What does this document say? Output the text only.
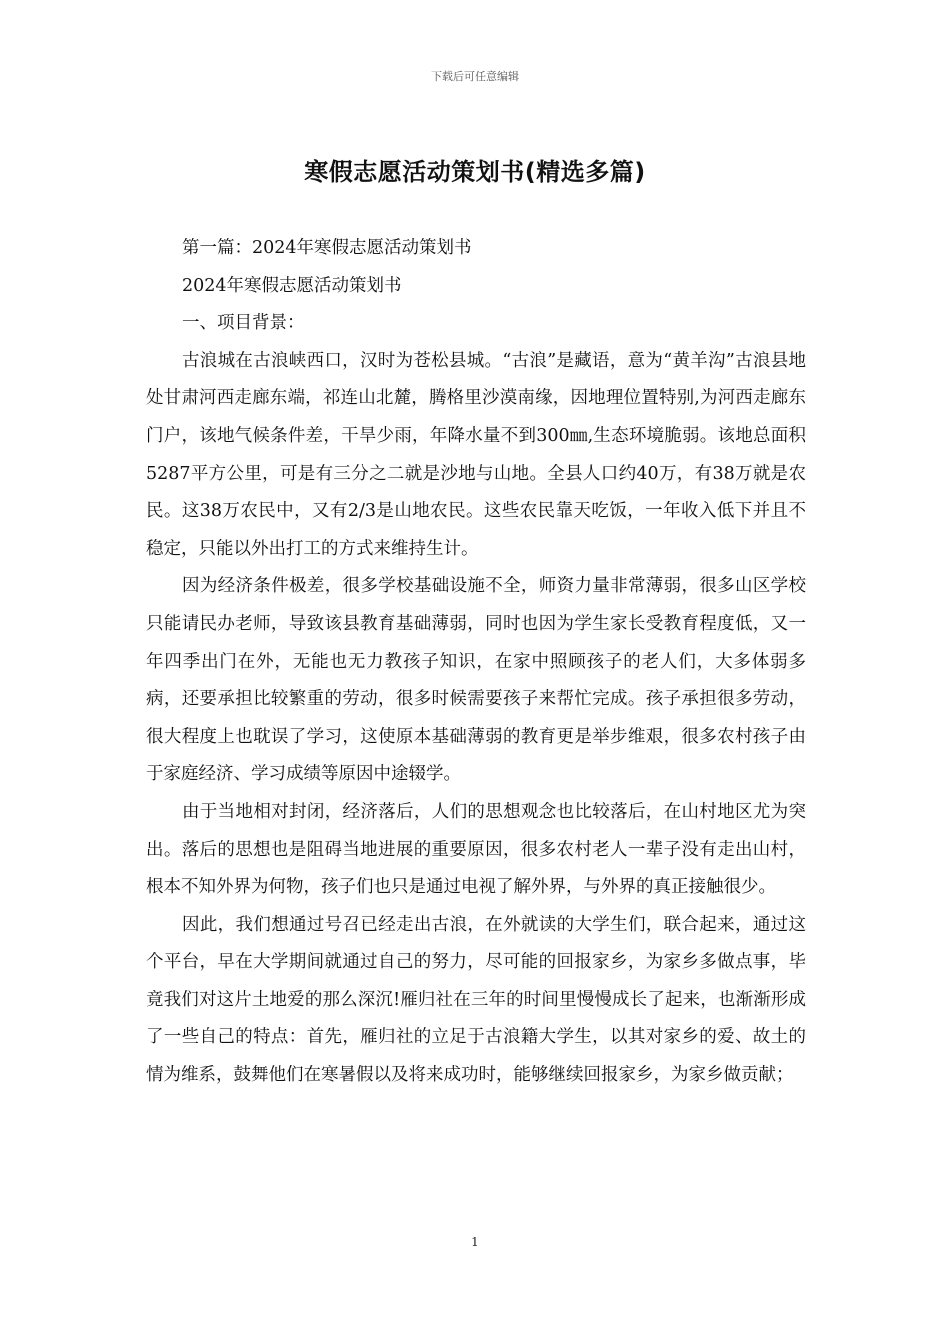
下载后可任意编辑
寒假志愿活动策划书(精选多篇)
第一篇：2024年寒假志愿活动策划书
2024年寒假志愿活动策划书
一、项目背景：

古浪城在古浪峡西口，汉时为苍松县城。“古浪”是藏语，意为“黄羊沟”古浪县地处甘肃河西走廊东端，祁连山北麓，腾格里沙漠南缘，因地理位置特别,为河西走廊东门户，该地气候条件差，干旱少雨，年降水量不到300㎜,生态环境脆弱。该地总面积5287平方公里，可是有三分之二就是沙地与山地。全县人口约40万，有38万就是农民。这38万农民中，又有2/3是山地农民。这些农民靠天吃饭，一年收入低下并且不稳定，只能以外出打工的方式来维持生计。

因为经济条件极差，很多学校基础设施不全，师资力量非常薄弱，很多山区学校只能请民办老师，导致该县教育基础薄弱，同时也因为学生家长受教育程度低，又一年四季出门在外，无能也无力教孩子知识，在家中照顾孩子的老人们，大多体弱多病，还要承担比较繁重的劳动，很多时候需要孩子来帮忙完成。孩子承担很多劳动，很大程度上也耽误了学习，这使原本基础薄弱的教育更是举步维艰，很多农村孩子由于家庭经济、学习成绩等原因中途辍学。

由于当地相对封闭，经济落后，人们的思想观念也比较落后，在山村地区尤为突出。落后的思想也是阻碍当地进展的重要原因，很多农村老人一辈子没有走出山村，根本不知外界为何物，孩子们也只是通过电视了解外界，与外界的真正接触很少。

因此，我们想通过号召已经走出古浪，在外就读的大学生们，联合起来，通过这个平台，早在大学期间就通过自己的努力，尽可能的回报家乡，为家乡多做点事，毕竟我们对这片土地爱的那么深沉!雁归社在三年的时间里慢慢成长了起来，也渐渐形成了一些自己的特点：首先，雁归社的立足于古浪籍大学生，以其对家乡的爱、故土的情为维系，鼓舞他们在寒暑假以及将来成功时，能够继续回报家乡，为家乡做贡献；

1
